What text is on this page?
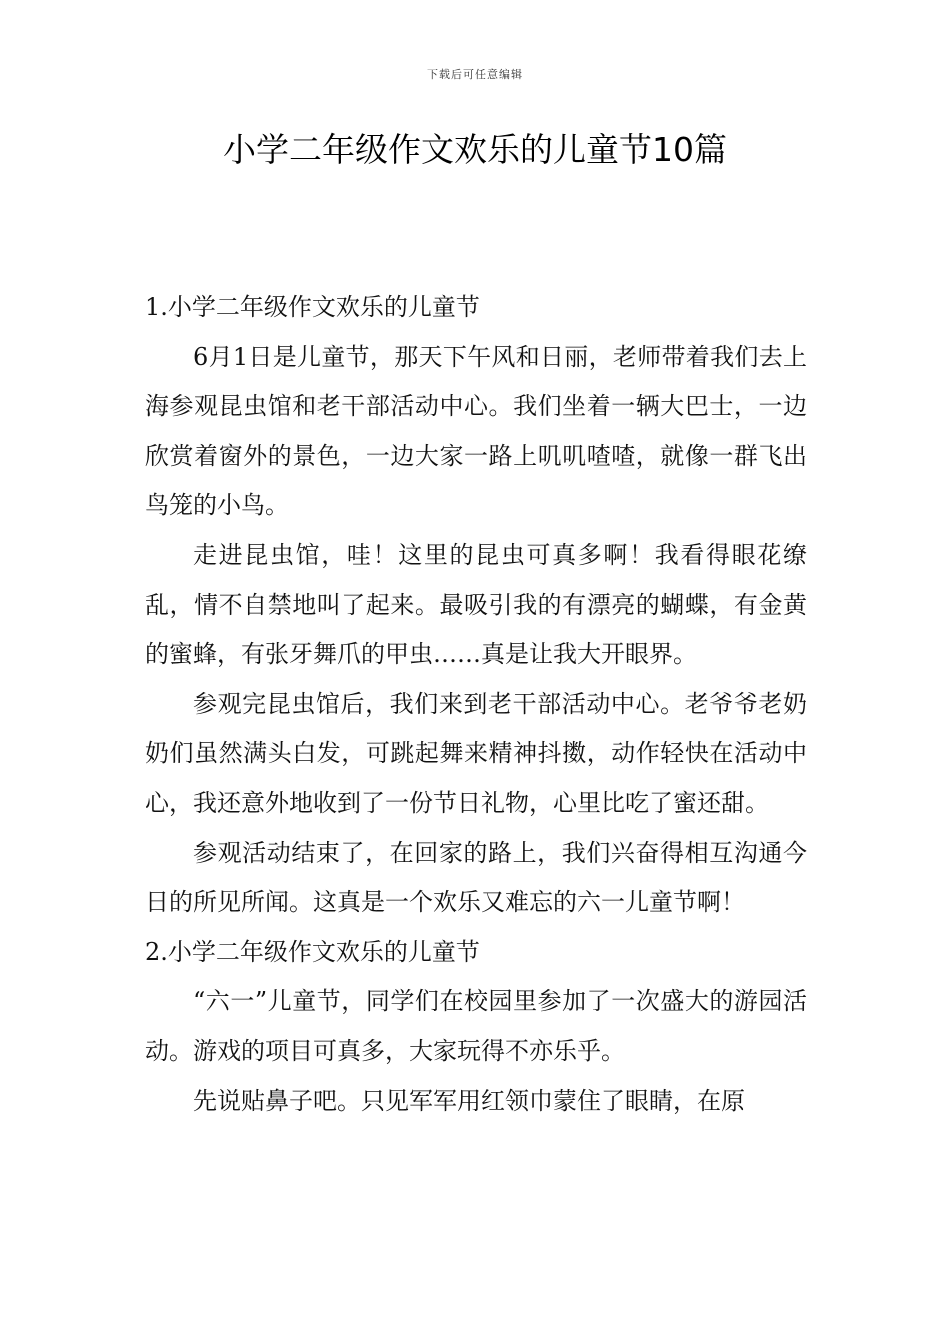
下载后可任意编辑
小学二年级作文欢乐的儿童节10篇

1.小学二年级作文欢乐的儿童节

6月1日是儿童节，那天下午风和日丽，老师带着我们去上海参观昆虫馆和老干部活动中心。我们坐着一辆大巴士，一边欣赏着窗外的景色，一边大家一路上叽叽喳喳，就像一群飞出鸟笼的小鸟。

走进昆虫馆，哇！这里的昆虫可真多啊！我看得眼花缭乱，情不自禁地叫了起来。最吸引我的有漂亮的蝴蝶，有金黄的蜜蜂，有张牙舞爪的甲虫……真是让我大开眼界。

参观完昆虫馆后，我们来到老干部活动中心。老爷爷老奶奶们虽然满头白发，可跳起舞来精神抖擞，动作轻快在活动中心，我还意外地收到了一份节日礼物，心里比吃了蜜还甜。

参观活动结束了，在回家的路上，我们兴奋得相互沟通今日的所见所闻。这真是一个欢乐又难忘的六一儿童节啊！

2.小学二年级作文欢乐的儿童节

“六一”儿童节，同学们在校园里参加了一次盛大的游园活动。游戏的项目可真多，大家玩得不亦乐乎。

先说贴鼻子吧。只见军军用红领巾蒙住了眼睛，在原
